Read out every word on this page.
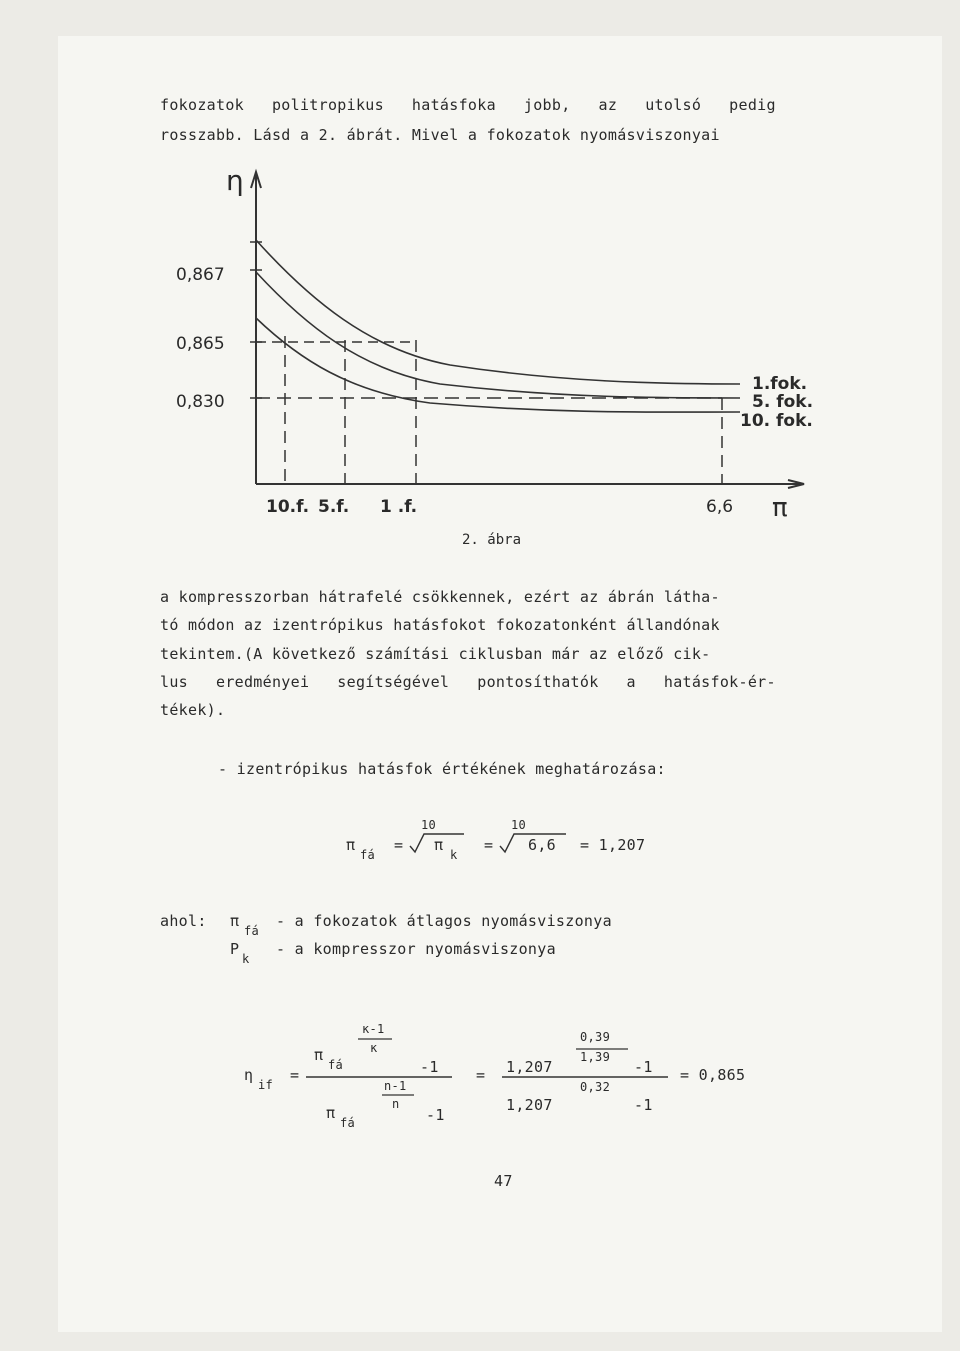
fokozatok   politropikus   hatásfoka   jobb,   az   utolsó   pedig
rosszabb. Lásd a 2. ábrát. Mivel a fokozatok nyomásviszonyai
η
0,867
0,865
0,830
10.f. 5.f. 1 .f.	6,6 π
1.fok.
5. fok.
10. fok.
2. ábra
a kompresszorban hátrafelé csökkennek, ezért az ábrán látha-
tó módon az izentrópikus hatásfokot fokozatonként állandónak
tekintem.(A következő számítási ciklusban már az előző cik-
lus   eredményei   segítségével   pontosíthatók   a   hatásfok-ér-
tékek).
- izentrópikus hatásfok értékének meghatározása:
10	10
π
fá
= π
k
= 6,6 = 1,207
ahol: π
fá
- a fokozatok átlagos nyomásviszonya
P
k
- a kompresszor nyomásviszonya
η
if
=
κ-1
κ
π
fá	-1
n-1
n
π
fá	-1
= 1,207
0,39
1,39
-1
1,207
0,32
-1
= 0,865
47
